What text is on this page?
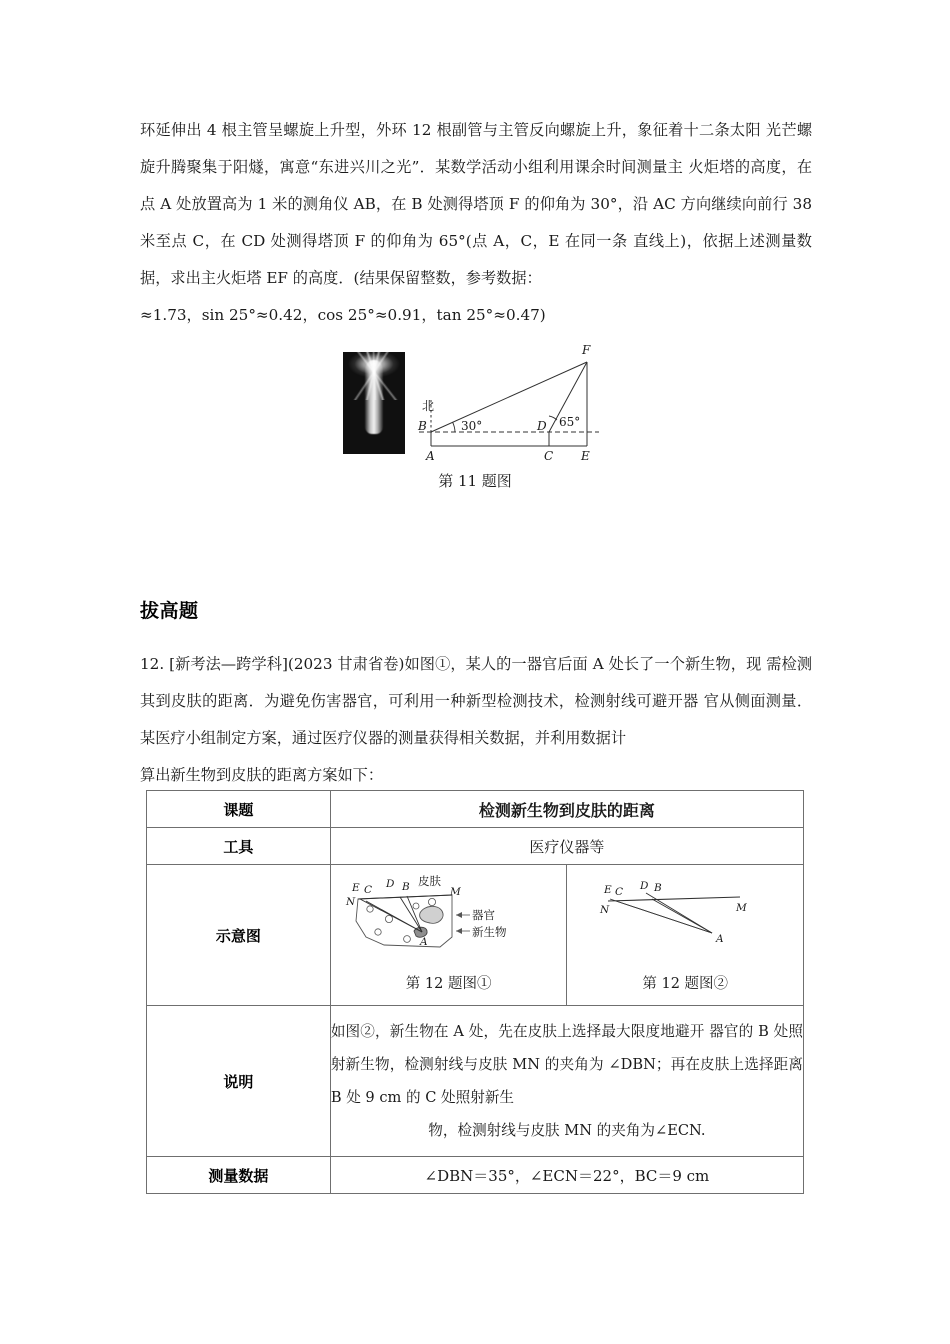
环延伸出 4 根主管呈螺旋上升型，外环 12 根副管与主管反向螺旋上升，象征着十二条太阳 光芒螺旋升腾聚集于阳燧，寓意“东进兴川之光”．某数学活动小组利用课余时间测量主 火炬塔的高度，在点 A 处放置高为 1 米的测角仪 AB，在 B 处测得塔顶 F 的仰角为 30°，沿 AC 方向继续向前行 38 米至点 C，在 CD 处测得塔顶 F 的仰角为 65°(点 A，C，E 在同一条 直线上)，依据上述测量数据，求出主火炬塔 EF 的高度．(结果保留整数，参考数据：
≈1.73，sin 25°≈0.42，cos 25°≈0.91，tan 25°≈0.47)
F
B
A	C E
D
北
30°	65°
第 11 题图
拔高题
12. [新考法—跨学科](2023 甘肃省卷)如图①，某人的一器官后面 A 处长了一个新生物，现 需检测其到皮肤的距离．为避免伤害器官，可利用一种新型检测技术，检测射线可避开器 官从侧面测量．某医疗小组制定方案，通过医疗仪器的测量获得相关数据，并利用数据计
算出新生物到皮肤的距离方案如下：
课题	检测新生物到皮肤的距离	
工具	医疗仪器等	
示意图	
E C D B
N
M
A
皮肤
器官
新生物
第 12 题图①

E C D B
N	M
A
第 12 题图②

说明	如图②，新生物在 A 处，先在皮肤上选择最大限度地避开 器官的 B 处照射新生物，检测射线与皮肤 MN 的夹角为 ∠DBN；再在皮肤上选择距离 B 处 9 cm 的 C 处照射新生
物，检测射线与皮肤 MN 的夹角为∠ECN.	

测量数据	∠DBN＝35°，∠ECN＝22°，BC＝9 cm	
